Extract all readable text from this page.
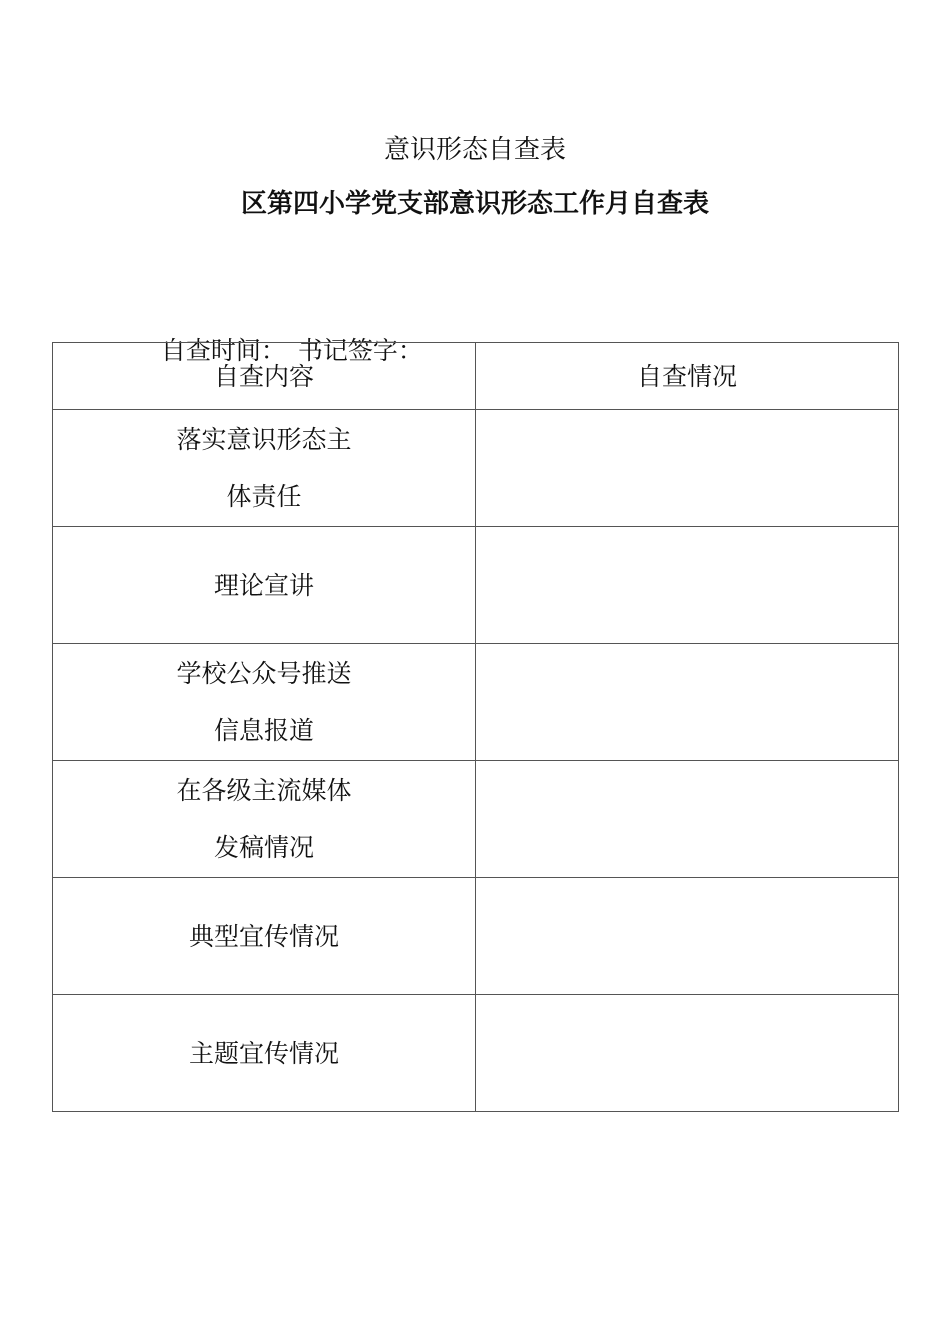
意识形态自查表
区第四小学党支部意识形态工作月自查表

自查时间： 书记签字：

自查内容	自查情况
落实意识形态主体责任	

理论宣讲	

学校公众号推送信息报道	

在各级主流媒体发稿情况	

典型宜传情况	

主题宜传情况	
